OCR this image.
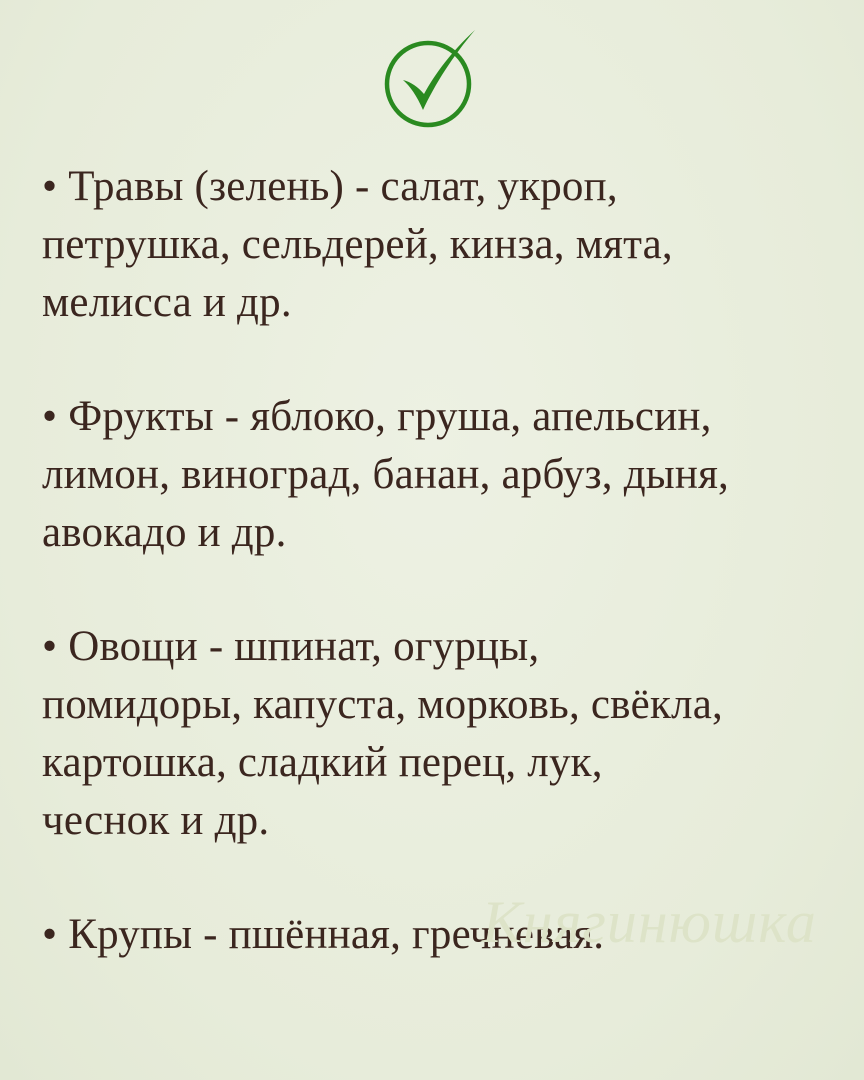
• Травы (зелень) - салат, укроп,
петрушка, сельдерей, кинза, мята,
мелисса и др.
• Фрукты - яблоко, груша, апельсин,
лимон, виноград, банан, арбуз, дыня,
авокадо и др.
• Овощи - шпинат, огурцы,
помидоры, капуста, морковь, свёкла,
картошка, сладкий перец, лук,
чеснок и др.
• Крупы - пшённая, гречневая.
Княгинюшка
